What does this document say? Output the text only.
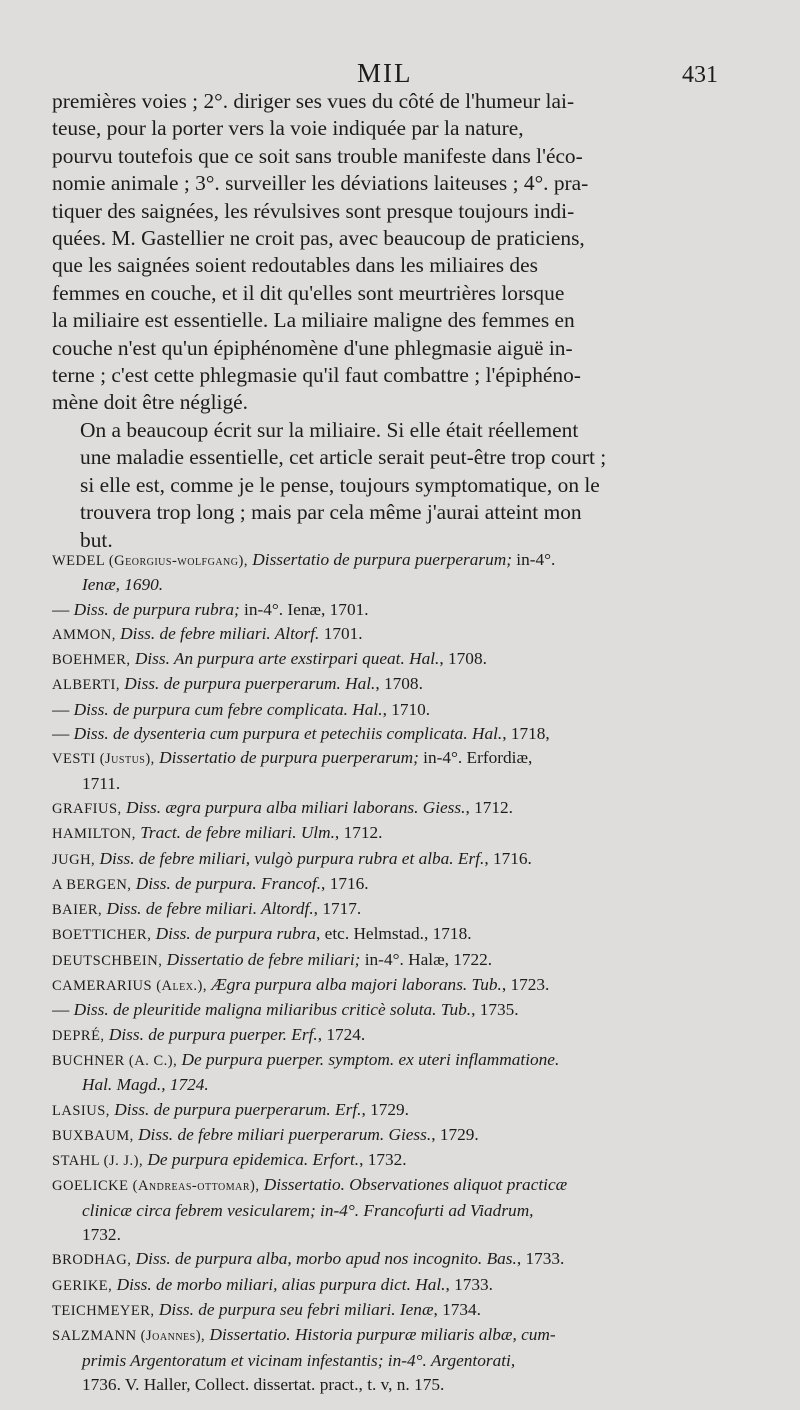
MIL	431

premières voies ; 2°. diriger ses vues du côté de l'humeur lai-
teuse, pour la porter vers la voie indiquée par la nature,
pourvu toutefois que ce soit sans trouble manifeste dans l'éco-
nomie animale ; 3°. surveiller les déviations laiteuses ; 4°. pra-
tiquer des saignées, les révulsives sont presque toujours indi-
quées. M. Gastellier ne croit pas, avec beaucoup de praticiens,
que les saignées soient redoutables dans les miliaires des
femmes en couche, et il dit qu'elles sont meurtrières lorsque
la miliaire est essentielle. La miliaire maligne des femmes en
couche n'est qu'un épiphénomène d'une phlegmasie aiguë in-
terne ; c'est cette phlegmasie qu'il faut combattre ; l'épiphéno-
mène doit être négligé.

On a beaucoup écrit sur la miliaire. Si elle était réellement
une maladie essentielle, cet article serait peut-être trop court ;
si elle est, comme je le pense, toujours symptomatique, on le
trouvera trop long ; mais par cela même j'aurai atteint mon
but.

WEDEL (Georgius-wolfgang), Dissertatio de purpura puerperarum; in-4°.
Ienæ, 1690.
— Diss. de purpura rubra; in-4°. Ienæ, 1701.
AMMON, Diss. de febre miliari. Altorf. 1701.
BOEHMER, Diss. An purpura arte exstirpari queat. Hal., 1708.
ALBERTI, Diss. de purpura puerperarum. Hal., 1708.
— Diss. de purpura cum febre complicata. Hal., 1710.
— Diss. de dysenteria cum purpura et petechiis complicata. Hal., 1718,
VESTI (Justus), Dissertatio de purpura puerperarum; in-4°. Erfordiæ,
1711.
GRAFIUS, Diss. ægra purpura alba miliari laborans. Giess., 1712.
HAMILTON, Tract. de febre miliari. Ulm., 1712.
JUGH, Diss. de febre miliari, vulgò purpura rubra et alba. Erf., 1716.
A BERGEN, Diss. de purpura. Francof., 1716.
BAIER, Diss. de febre miliari. Altordf., 1717.
BOETTICHER, Diss. de purpura rubra, etc. Helmstad., 1718.
DEUTSCHBEIN, Dissertatio de febre miliari; in-4°. Halæ, 1722.
CAMERARIUS (Alex.), Ægra purpura alba majori laborans. Tub., 1723.
— Diss. de pleuritide maligna miliaribus criticè soluta. Tub., 1735.
DEPRÉ, Diss. de purpura puerper. Erf., 1724.
BUCHNER (A. C.), De purpura puerper. symptom. ex uteri inflammatione.
Hal. Magd., 1724.
LASIUS, Diss. de purpura puerperarum. Erf., 1729.
BUXBAUM, Diss. de febre miliari puerperarum. Giess., 1729.
STAHL (J. J.), De purpura epidemica. Erfort., 1732.
GOELICKE (Andreas-ottomar), Dissertatio. Observationes aliquot practicæ
clinicæ circa febrem vesicularem; in-4°. Francofurti ad Viadrum,
1732.
BRODHAG, Diss. de purpura alba, morbo apud nos incognito. Bas., 1733.
GERIKE, Diss. de morbo miliari, alias purpura dict. Hal., 1733.
TEICHMEYER, Diss. de purpura seu febri miliari. Ienæ, 1734.
SALZMANN (Joannes), Dissertatio. Historia purpuræ miliaris albæ, cum-
primis Argentoratum et vicinam infestantis; in-4°. Argentorati,
1736. V. Haller, Collect. dissertat. pract., t. v, n. 175.
